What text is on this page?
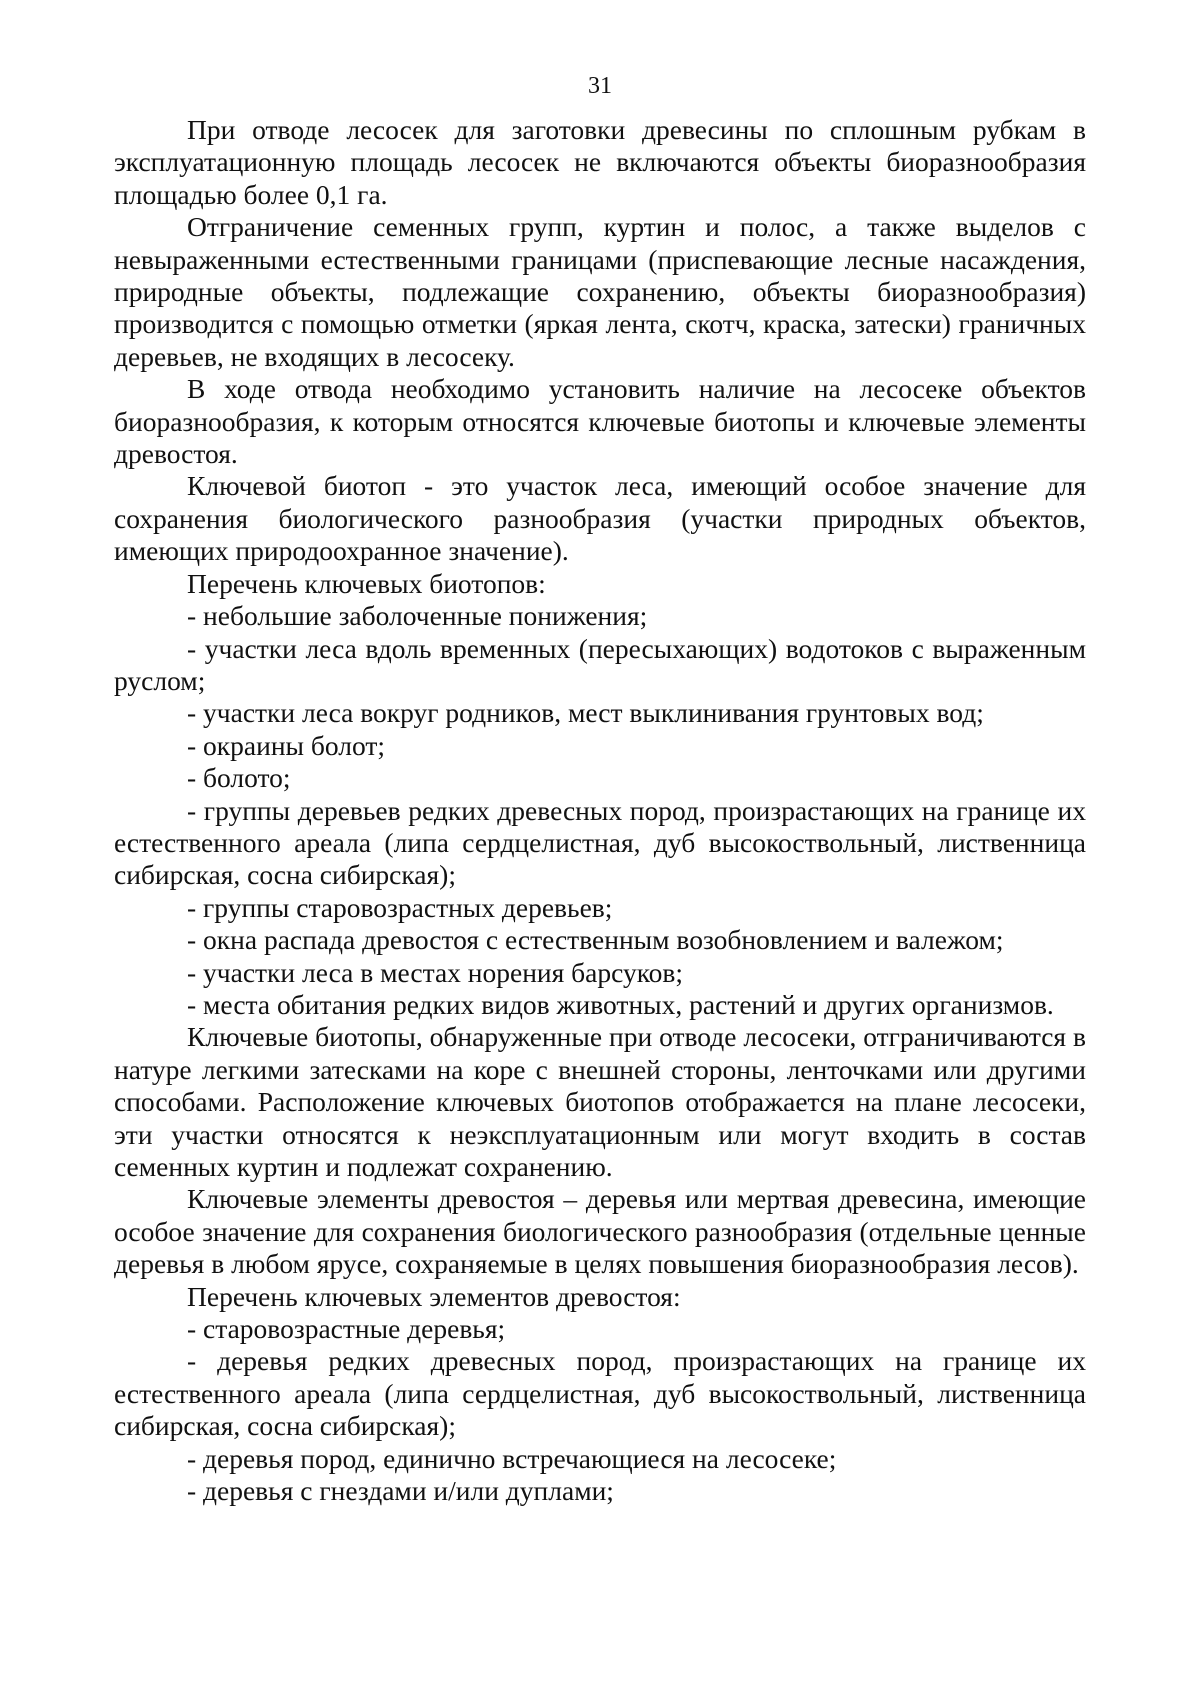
31

При отводе лесосек для заготовки древесины по сплошным рубкам в эксплуатационную площадь лесосек не включаются объекты биоразнообразия площадью более 0,1 га.

Отграничение семенных групп, куртин и полос, а также выделов с невыраженными естественными границами (приспевающие лесные насаждения, природные объекты, подлежащие сохранению, объекты биоразнообразия) производится с помощью отметки (яркая лента, скотч, краска, затески) граничных деревьев, не входящих в лесосеку.

В ходе отвода необходимо установить наличие на лесосеке объектов биоразнообразия, к которым относятся ключевые биотопы и ключевые элементы древостоя.

Ключевой биотоп - это участок леса, имеющий особое значение для сохранения биологического разнообразия (участки природных объектов, имеющих природоохранное значение).

Перечень ключевых биотопов:

- небольшие заболоченные понижения;

- участки леса вдоль временных (пересыхающих) водотоков с выраженным руслом;

- участки леса вокруг родников, мест выклинивания грунтовых вод;

- окраины болот;

- болото;

- группы деревьев редких древесных пород, произрастающих на границе их естественного ареала (липа сердцелистная, дуб высокоствольный, лиственница сибирская, сосна сибирская);

- группы старовозрастных деревьев;

- окна распада древостоя с естественным возобновлением и валежом;

- участки леса в местах норения барсуков;

- места обитания редких видов животных, растений и других организмов.

Ключевые биотопы, обнаруженные при отводе лесосеки, отграничиваются в натуре легкими затесками на коре с внешней стороны, ленточками или другими способами. Расположение ключевых биотопов отображается на плане лесосеки, эти участки относятся к неэксплуатационным или могут входить в состав семенных куртин и подлежат сохранению.

Ключевые элементы древостоя – деревья или мертвая древесина, имеющие особое значение для сохранения биологического разнообразия (отдельные ценные деревья в любом ярусе, сохраняемые в целях повышения биоразнообразия лесов).

Перечень ключевых элементов древостоя:

- старовозрастные деревья;

- деревья редких древесных пород, произрастающих на границе их естественного ареала (липа сердцелистная, дуб высокоствольный, лиственница сибирская, сосна сибирская);

- деревья пород, единично встречающиеся на лесосеке;

- деревья с гнездами и/или дуплами;
